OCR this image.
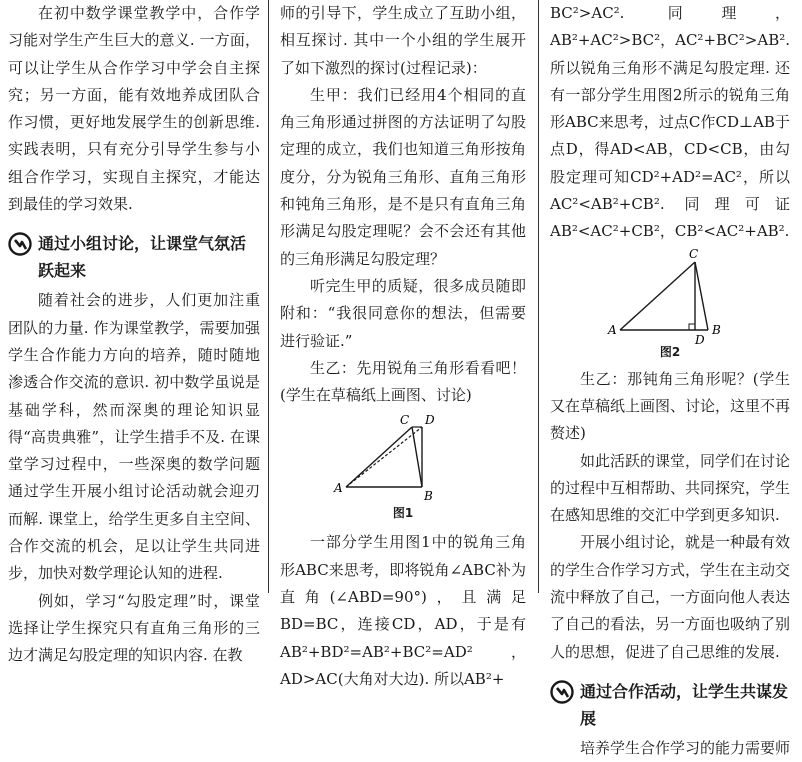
在初中数学课堂教学中，合作学习能对学生产生巨大的意义. 一方面，可以让学生从合作学习中学会自主探究；另一方面，能有效地养成团队合作习惯，更好地发展学生的创新思维. 实践表明，只有充分引导学生参与小组合作学习，实现自主探究，才能达到最佳的学习效果.

通过小组讨论，让课堂气氛活跃起来

随着社会的进步，人们更加注重团队的力量. 作为课堂教学，需要加强学生合作能力方向的培养，随时随地渗透合作交流的意识. 初中数学虽说是基础学科，然而深奥的理论知识显得“高贵典雅”，让学生措手不及. 在课堂学习过程中，一些深奥的数学问题通过学生开展小组讨论活动就会迎刃而解. 课堂上，给学生更多自主空间、合作交流的机会，足以让学生共同进步，加快对数学理论认知的进程.

例如，学习“勾股定理”时，课堂选择让学生探究只有直角三角形的三边才满足勾股定理的知识内容. 在教

师的引导下，学生成立了互助小组，相互探讨. 其中一个小组的学生展开了如下激烈的探讨(过程记录)：

生甲：我们已经用4个相同的直角三角形通过拼图的方法证明了勾股定理的成立，我们也知道三角形按角度分，分为锐角三角形、直角三角形和钝角三角形，是不是只有直角三角形满足勾股定理呢？会不会还有其他的三角形满足勾股定理？

听完生甲的质疑，很多成员随即附和：“我很同意你的想法，但需要进行验证.”

生乙：先用锐角三角形看看吧！(学生在草稿纸上画图、讨论)

A
B
C D
图1

一部分学生用图1中的锐角三角形ABC来思考，即将锐角∠ABC补为直角(∠ABD=90°)，且满足BD=BC，连接CD，AD，于是有AB²+BD²=AB²+BC²=AD²，AD>AC(大角对大边). 所以AB²+

BC²>AC². 同理，AB²+AC²>BC²，AC²+BC²>AB². 所以锐角三角形不满足勾股定理. 还有一部分学生用图2所示的锐角三角形ABC来思考，过点C作CD⊥AB于点D，得AD<AB，CD<CB，由勾股定理可知CD²+AD²=AC²，所以AC²<AB²+CB². 同理可证AB²<AC²+CB²，CB²<AC²+AB².

A	B
C
D
图2

生乙：那钝角三角形呢？(学生又在草稿纸上画图、讨论，这里不再赘述)

如此活跃的课堂，同学们在讨论的过程中互相帮助、共同探究，学生在感知思维的交汇中学到更多知识.

开展小组讨论，就是一种最有效的学生合作学习方式，学生在主动交流中释放了自己，一方面向他人表达了自己的看法，另一方面也吸纳了别人的思想，促进了自己思维的发展.

通过合作活动，让学生共谋发展

培养学生合作学习的能力需要师
